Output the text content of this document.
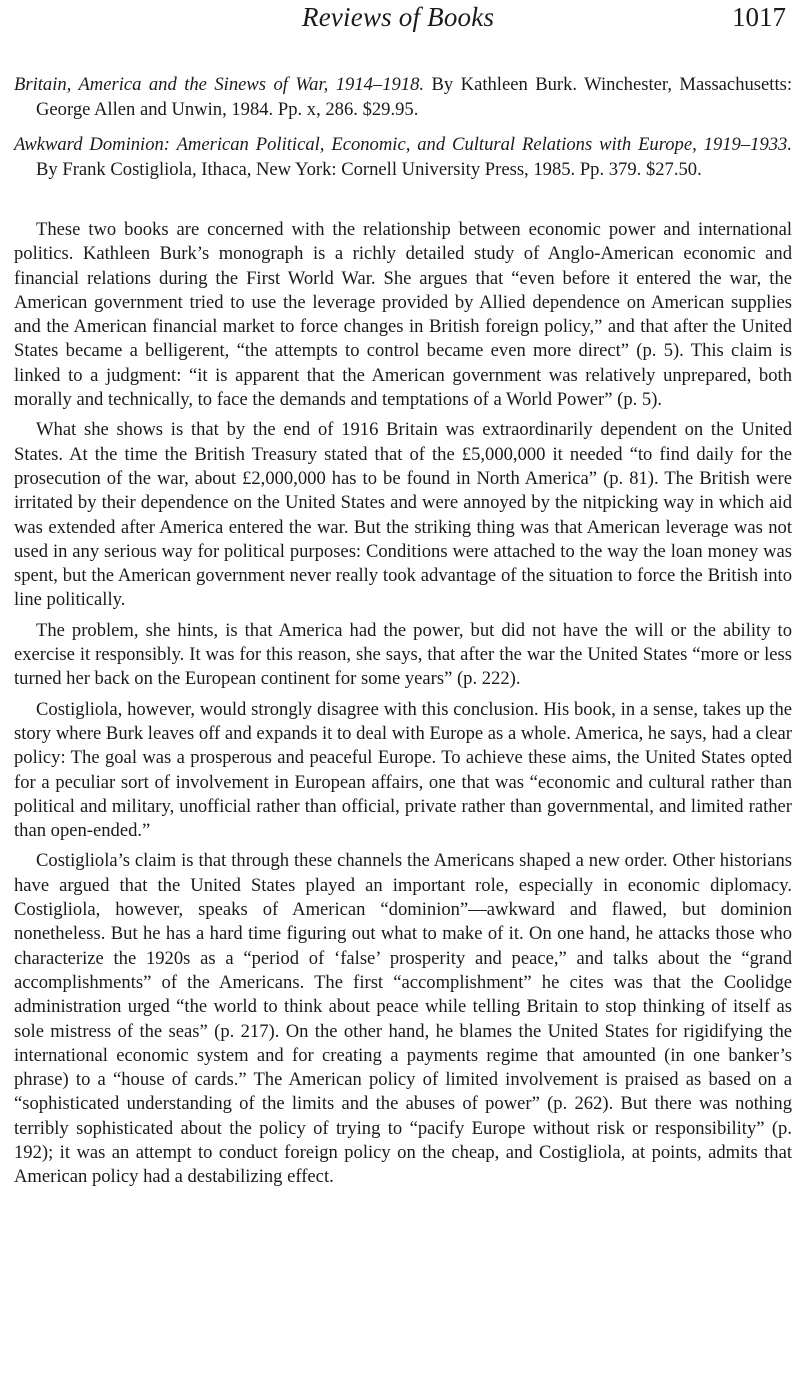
Reviews of Books	1017

Britain, America and the Sinews of War, 1914–1918. By Kathleen Burk. Winchester, Massachusetts: George Allen and Unwin, 1984. Pp. x, 286. $29.95.

Awkward Dominion: American Political, Economic, and Cultural Relations with Europe, 1919–1933. By Frank Costigliola, Ithaca, New York: Cornell University Press, 1985. Pp. 379. $27.50.

These two books are concerned with the relationship between economic power and international politics. Kathleen Burk’s monograph is a richly detailed study of Anglo-American economic and financial relations during the First World War. She argues that “even before it entered the war, the American government tried to use the leverage provided by Allied dependence on American supplies and the American financial market to force changes in British foreign policy,” and that after the United States became a belligerent, “the attempts to control became even more direct” (p. 5). This claim is linked to a judgment: “it is apparent that the American government was relatively unprepared, both morally and technically, to face the demands and temptations of a World Power” (p. 5).

What she shows is that by the end of 1916 Britain was extraordinarily dependent on the United States. At the time the British Treasury stated that of the £5,000,000 it needed “to find daily for the prosecution of the war, about £2,000,000 has to be found in North America” (p. 81). The British were irritated by their dependence on the United States and were annoyed by the nitpicking way in which aid was extended after America entered the war. But the striking thing was that American leverage was not used in any serious way for political purposes: Conditions were attached to the way the loan money was spent, but the American government never really took advantage of the situation to force the British into line politically.

The problem, she hints, is that America had the power, but did not have the will or the ability to exercise it responsibly. It was for this reason, she says, that after the war the United States “more or less turned her back on the European continent for some years” (p. 222).

Costigliola, however, would strongly disagree with this conclusion. His book, in a sense, takes up the story where Burk leaves off and expands it to deal with Europe as a whole. America, he says, had a clear policy: The goal was a prosperous and peaceful Europe. To achieve these aims, the United States opted for a peculiar sort of involvement in European affairs, one that was “economic and cultural rather than political and military, unofficial rather than official, private rather than governmental, and limited rather than open-ended.”

Costigliola’s claim is that through these channels the Americans shaped a new order. Other historians have argued that the United States played an important role, especially in economic diplomacy. Costigliola, however, speaks of American “dominion”—awkward and flawed, but dominion nonetheless. But he has a hard time figuring out what to make of it. On one hand, he attacks those who characterize the 1920s as a “period of ‘false’ prosperity and peace,” and talks about the “grand accomplishments” of the Americans. The first “accomplishment” he cites was that the Coolidge administration urged “the world to think about peace while telling Britain to stop thinking of itself as sole mistress of the seas” (p. 217). On the other hand, he blames the United States for rigidifying the international economic system and for creating a payments regime that amounted (in one banker’s phrase) to a “house of cards.” The American policy of limited involvement is praised as based on a “sophisticated understanding of the limits and the abuses of power” (p. 262). But there was nothing terribly sophisticated about the policy of trying to “pacify Europe without risk or responsibility” (p. 192); it was an attempt to conduct foreign policy on the cheap, and Costigliola, at points, admits that American policy had a destabilizing effect.
